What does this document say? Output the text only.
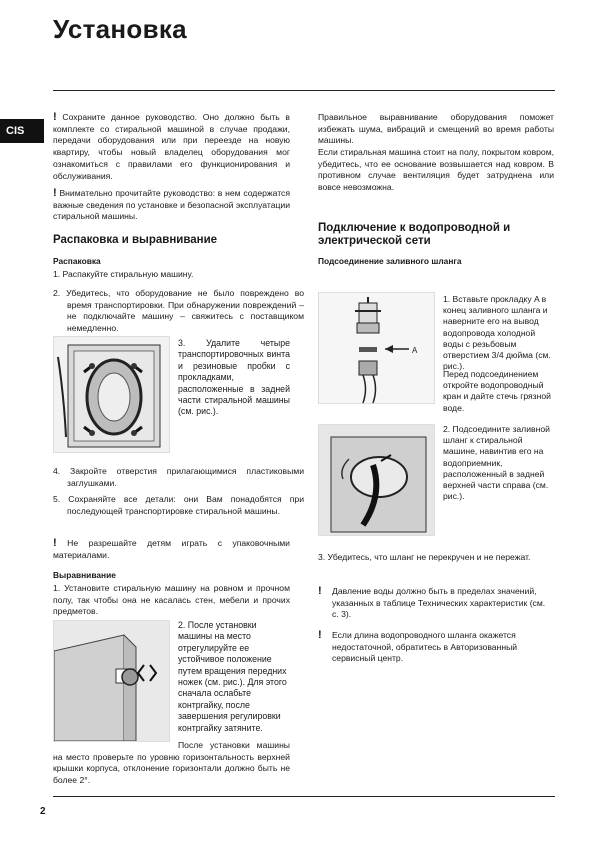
Установка
CIS

! Сохраните данное руководство. Оно должно быть в комплекте со стиральной машиной в случае продажи, передачи оборудования или при переезде на новую квартиру, чтобы новый владелец оборудования мог ознакомиться с правилами его функционирования и обслуживания.

! Внимательно прочитайте руководство: в нем содержатся важные сведения по установке и безопасной эксплуатации стиральной машины.

Распаковка и выравнивание
Распаковка
1. Распакуйте стиральную машину.
2. Убедитесь, что оборудование не было повреждено во время транспортировки. При обнаружении повреждений – не подключайте машину – свяжитесь с поставщиком немедленно.
3. Удалите четыре транспортировочных винта и резиновые пробки с прокладками, расположенные в задней части стиральной машины (см. рис.).
4. Закройте отверстия прилагающимися пластиковыми заглушками.
5. Сохраняйте все детали: они Вам понадобятся при последующей транспортировке стиральной машины.

! Не разрешайте детям играть с упаковочными материалами.

Выравнивание
1. Установите стиральную машину на ровном и прочном полу, так чтобы она не касалась стен, мебели и прочих предметов.
2. После установки машины на место отрегулируйте ее устойчивое положение путем вращения передних ножек (см. рис.). Для этого сначала ослабьте контргайку, после завершения регулировки контргайку затяните.

После установки машины на место проверьте по уровню горизонтальность верхней крышки корпуса, отклонение горизонтали должно быть не более 2°.

Правильное выравнивание оборудования поможет избежать шума, вибраций и смещений во время работы машины.
Если стиральная машина стоит на полу, покрытом ковром, убедитесь, что ее основание возвышается над ковром. В противном случае вентиляция будет затруднена или вовсе невозможна.
Подключение к водопроводной и электрической сети
Подсоединение заливного шланга
A
1. Вставьте прокладку A в конец заливного шланга и наверните его на вывод водопровода холодной воды с резьбовым отверстием 3/4 дюйма (см. рис.).
Перед подсоединением откройте водопроводный кран и дайте стечь грязной воде.
2. Подсоедините заливной шланг к стиральной машине, навинтив его на водоприемник, расположенный в задней верхней части справа (см. рис.).
3. Убедитесь, что шланг не перекручен и не пережат.

! Давление воды должно быть в пределах значений, указанных в таблице Технических характеристик (см. с. 3).

! Если длина водопроводного шланга окажется недостаточной, обратитесь в Авторизованный сервисный центр.

2
